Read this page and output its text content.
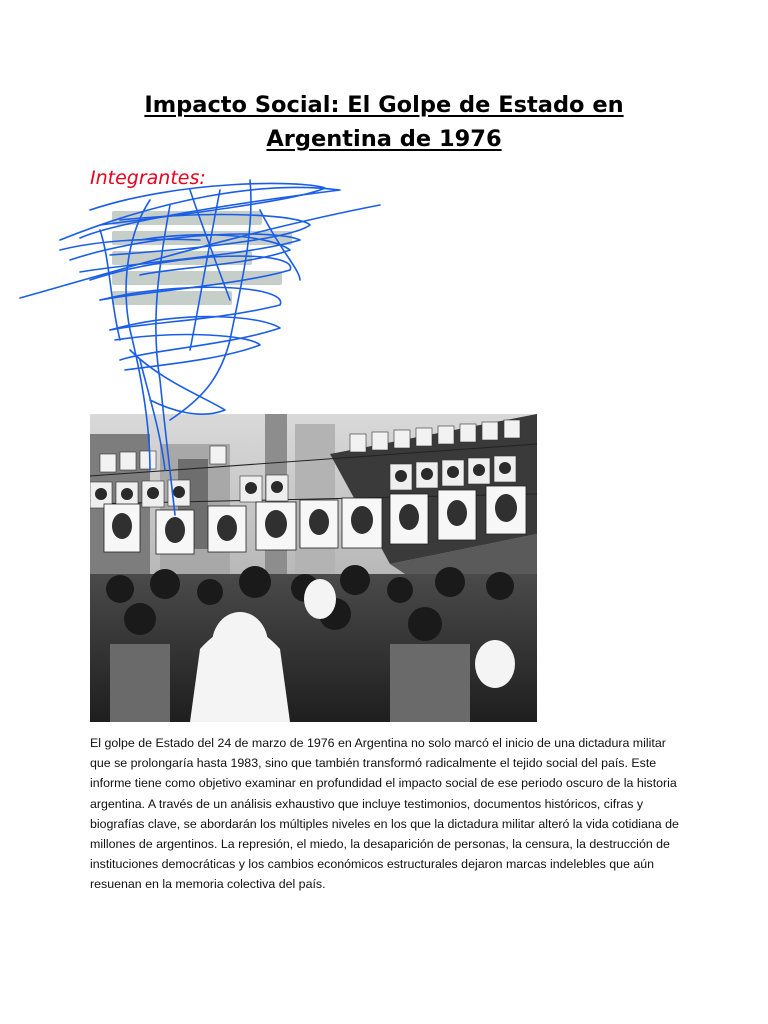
Impacto Social: El Golpe de Estado en
Argentina de 1976

Integrantes:

El golpe de Estado del 24 de marzo de 1976 en Argentina no solo marcó el inicio de una dictadura militar que se prolongaría hasta 1983, sino que también transformó radicalmente el tejido social del país. Este informe tiene como objetivo examinar en profundidad el impacto social de ese periodo oscuro de la historia argentina. A través de un análisis exhaustivo que incluye testimonios, documentos históricos, cifras y biografías clave, se abordarán los múltiples niveles en los que la dictadura militar alteró la vida cotidiana de millones de argentinos. La represión, el miedo, la desaparición de personas, la censura, la destrucción de instituciones democráticas y los cambios económicos estructurales dejaron marcas indelebles que aún resuenan en la memoria colectiva del país.
